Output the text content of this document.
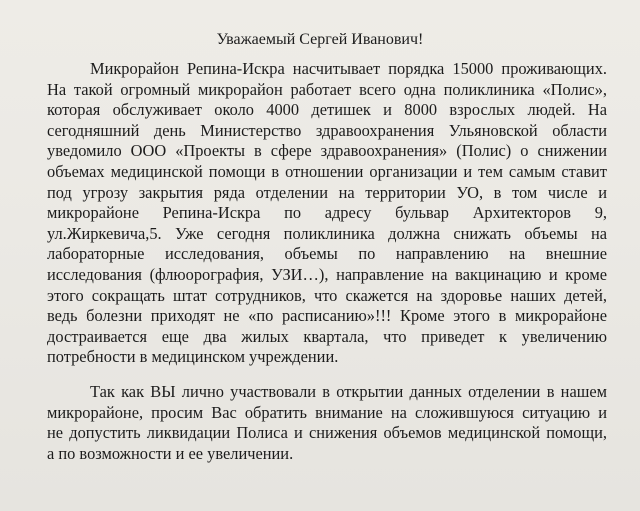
Уважаемый Сергей Иванович!
Микрорайон Репина-Искра насчитывает порядка 15000 проживающих.
На такой огромный микрорайон работает всего одна поликлиника «Полис»,
которая обслуживает около 4000 детишек и 8000 взрослых людей. На
сегодняшний день Министерство здравоохранения Ульяновской области
уведомило ООО «Проекты в сфере здравоохранения» (Полис) о снижении
объемах медицинской помощи в отношении организации и тем самым ставит
под угрозу закрытия ряда отделении на территории УО, в том числе и
микрорайоне Репина-Искра по адресу бульвар Архитекторов 9,
ул.Жиркевича,5. Уже сегодня поликлиника должна снижать объемы на
лабораторные исследования, объемы по направлению на внешние
исследования (флюорография, УЗИ…), направление на вакцинацию и кроме
этого сокращать штат сотрудников, что скажется на здоровье наших детей,
ведь болезни приходят не «по расписанию»!!! Кроме этого в микрорайоне
достраивается еще два жилых квартала, что приведет к увеличению
потребности в медицинском учреждении.
Так как ВЫ лично участвовали в открытии данных отделении в нашем
микрорайоне, просим Вас обратить внимание на сложившуюся ситуацию и
не допустить ликвидации Полиса и снижения объемов медицинской помощи,
а по возможности и ее увеличении.
